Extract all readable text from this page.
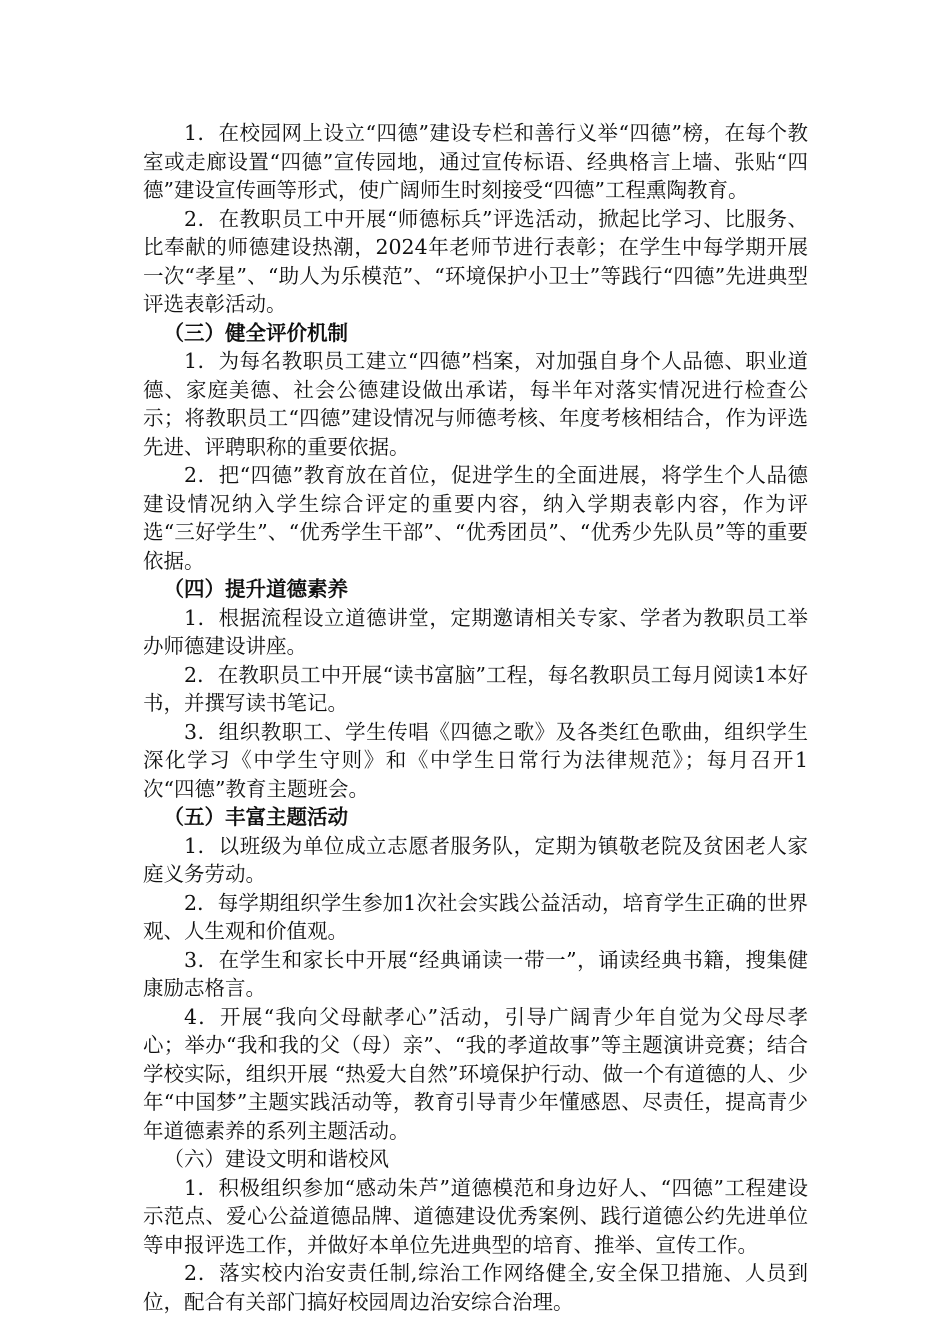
1．在校园网上设立“四德”建设专栏和善行义举“四德”榜，在每个教室或走廊设置“四德”宣传园地，通过宣传标语、经典格言上墙、张贴“四德”建设宣传画等形式，使广阔师生时刻接受“四德”工程熏陶教育。

2．在教职员工中开展“师德标兵”评选活动，掀起比学习、比服务、比奉献的师德建设热潮，2024年老师节进行表彰；在学生中每学期开展一次“孝星”、“助人为乐模范”、“环境保护小卫士”等践行“四德”先进典型评选表彰活动。

（三）健全评价机制

1．为每名教职员工建立“四德”档案，对加强自身个人品德、职业道德、家庭美德、社会公德建设做出承诺，每半年对落实情况进行检查公示；将教职员工“四德”建设情况与师德考核、年度考核相结合，作为评选先进、评聘职称的重要依据。

2．把“四德”教育放在首位，促进学生的全面进展，将学生个人品德建设情况纳入学生综合评定的重要内容，纳入学期表彰内容，作为评选“三好学生”、“优秀学生干部”、“优秀团员”、“优秀少先队员”等的重要依据。

（四）提升道德素养

1．根据流程设立道德讲堂，定期邀请相关专家、学者为教职员工举办师德建设讲座。

2．在教职员工中开展“读书富脑”工程，每名教职员工每月阅读1本好书，并撰写读书笔记。

3．组织教职工、学生传唱《四德之歌》及各类红色歌曲，组织学生深化学习《中学生守则》和《中学生日常行为法律规范》；每月召开1次“四德”教育主题班会。

（五）丰富主题活动

1．以班级为单位成立志愿者服务队，定期为镇敬老院及贫困老人家庭义务劳动。

2．每学期组织学生参加1次社会实践公益活动，培育学生正确的世界观、人生观和价值观。

3．在学生和家长中开展“经典诵读一带一”，诵读经典书籍，搜集健康励志格言。

4．开展“我向父母献孝心”活动，引导广阔青少年自觉为父母尽孝心；举办“我和我的父（母）亲”、“我的孝道故事”等主题演讲竞赛；结合学校实际，组织开展 “热爱大自然”环境保护行动、做一个有道德的人、少年“中国梦”主题实践活动等，教育引导青少年懂感恩、尽责任，提高青少年道德素养的系列主题活动。

（六）建设文明和谐校风

1．积极组织参加“感动朱芦”道德模范和身边好人、“四德”工程建设示范点、爱心公益道德品牌、道德建设优秀案例、践行道德公约先进单位等申报评选工作，并做好本单位先进典型的培育、推举、宣传工作。

2．落实校内治安责任制,综治工作网络健全,安全保卫措施、人员到位，配合有关部门搞好校园周边治安综合治理。
